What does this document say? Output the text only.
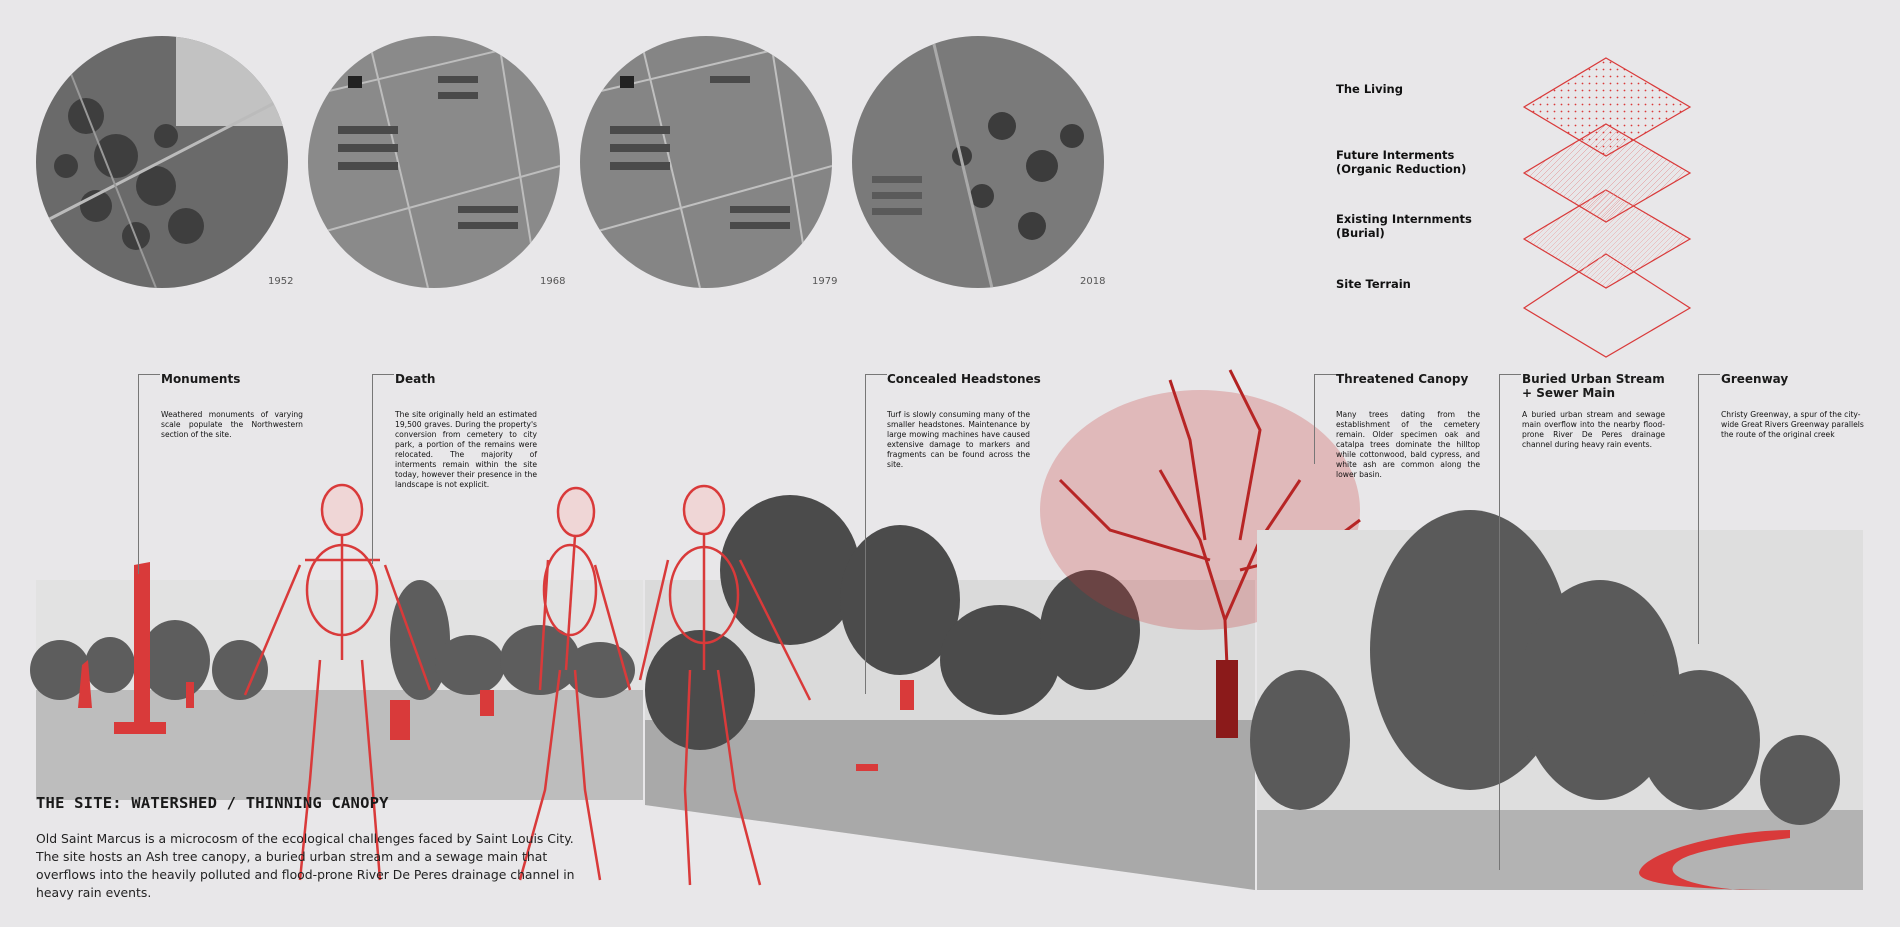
1952	1968	1979	2018
The Living
Future Interments
(Organic Reduction)
Existing Internments
(Burial)
Site Terrain
Monuments
Weathered monuments of varying scale populate the Northwestern section of the site.
Death
The site originally held an estimated 19,500 graves. During the property's conversion from cemetery to city park, a portion of the remains were relocated. The majority of interments remain within the site today, however their presence in the landscape is not explicit.
Concealed Headstones
Turf is slowly consuming many of the smaller headstones. Maintenance by large mowing machines have caused extensive damage to markers and fragments can be found across the site.
Threatened Canopy
Many trees dating from the establishment of the cemetery remain. Older specimen oak and catalpa trees dominate the hilltop while cottonwood, bald cypress, and white ash are common along the lower basin.
Buried Urban Stream
+ Sewer Main
A buried urban stream and sewage main overflow into the nearby flood-prone River De Peres drainage channel during heavy rain events.
Greenway
Christy Greenway, a spur of the city-wide Great Rivers Greenway parallels the route of the original creek
THE SITE: WATERSHED / THINNING CANOPY
Old Saint Marcus is a microcosm of the ecological challenges faced by Saint Louis City. The site hosts an Ash tree canopy, a buried urban stream and a sewage main that overflows into the heavily polluted and flood-prone River De Peres drainage channel in heavy rain events.
